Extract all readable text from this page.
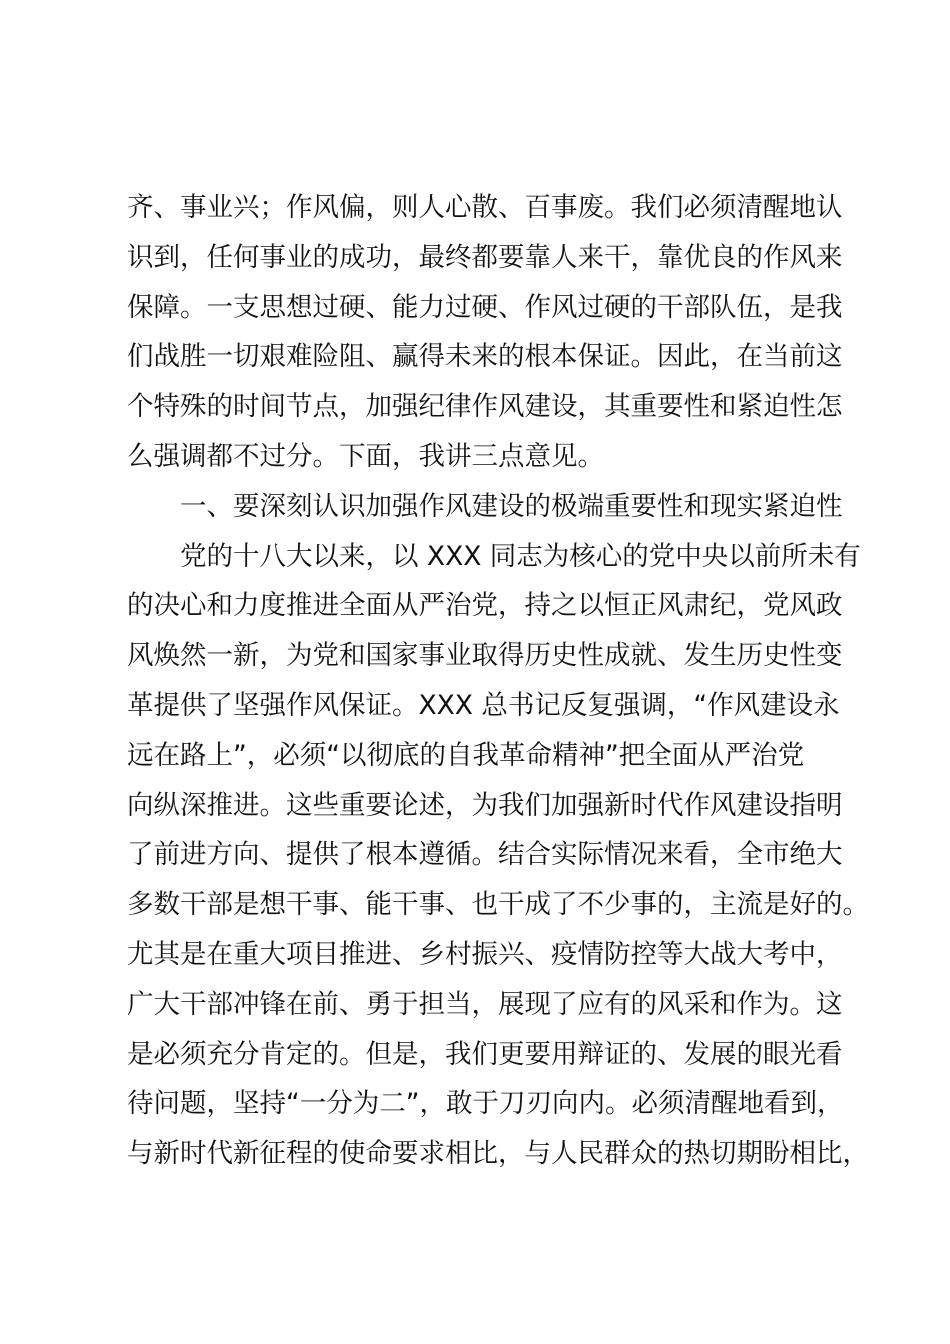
齐、事业兴；作风偏，则人心散、百事废。我们必须清醒地认
识到，任何事业的成功，最终都要靠人来干，靠优良的作风来
保障。一支思想过硬、能力过硬、作风过硬的干部队伍，是我
们战胜一切艰难险阻、赢得未来的根本保证。因此，在当前这
个特殊的时间节点，加强纪律作风建设，其重要性和紧迫性怎
么强调都不过分。下面，我讲三点意见。
一、要深刻认识加强作风建设的极端重要性和现实紧迫性
党的十八大以来，以 XXX 同志为核心的党中央以前所未有
的决心和力度推进全面从严治党，持之以恒正风肃纪，党风政
风焕然一新，为党和国家事业取得历史性成就、发生历史性变
革提供了坚强作风保证。XXX 总书记反复强调，“作风建设永
远在路上”，必须“以彻底的自我革命精神”把全面从严治党
向纵深推进。这些重要论述，为我们加强新时代作风建设指明
了前进方向、提供了根本遵循。结合实际情况来看，全市绝大
多数干部是想干事、能干事、也干成了不少事的，主流是好的。
尤其是在重大项目推进、乡村振兴、疫情防控等大战大考中，
广大干部冲锋在前、勇于担当，展现了应有的风采和作为。这
是必须充分肯定的。但是，我们更要用辩证的、发展的眼光看
待问题，坚持“一分为二”，敢于刀刃向内。必须清醒地看到，
与新时代新征程的使命要求相比，与人民群众的热切期盼相比，
